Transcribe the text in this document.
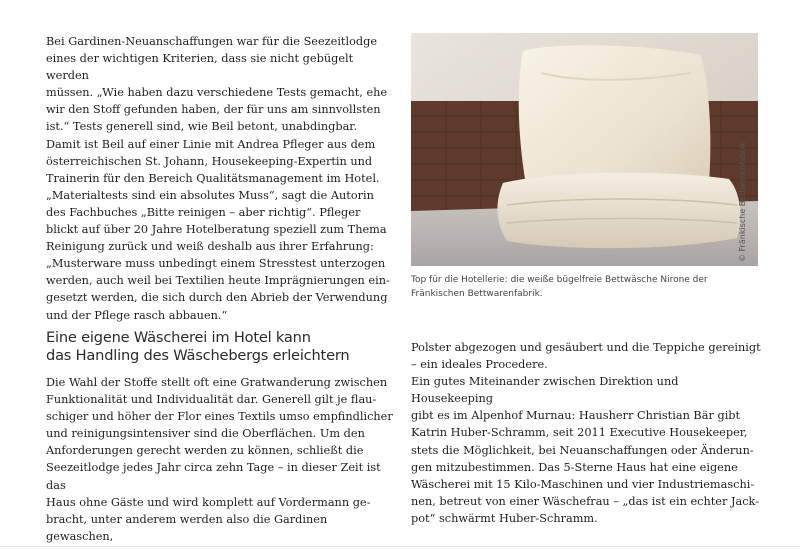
Bei Gardinen-Neuanschaffungen war für die Seezeitlodge

eines der wichtigen Kriterien, dass sie nicht gebügelt werden

müssen. „Wie haben dazu verschiedene Tests gemacht, ehe

wir den Stoff gefunden haben, der für uns am sinnvollsten

ist.“ Tests generell sind, wie Beil betont, unabdingbar.

Damit ist Beil auf einer Linie mit Andrea Pfleger aus dem

österreichischen St. Johann, Housekeeping-Expertin und

Trainerin für den Bereich Qualitätsmanagement im Hotel.

„Materialtests sind ein absolutes Muss“, sagt die Autorin

des Fachbuches „Bitte reinigen – aber richtig“. Pfleger

blickt auf über 20 Jahre Hotelberatung speziell zum Thema

Reinigung zurück und weiß deshalb aus ihrer Erfahrung:

„Musterware muss unbedingt einem Stresstest unterzogen

werden, auch weil bei Textilien heute Imprägnierungen ein-

gesetzt werden, die sich durch den Abrieb der Verwendung

und der Pflege rasch abbauen.“

Eine eigene Wäscherei im Hotel kann
das Handling des Wäschebergs erleichtern

Die Wahl der Stoffe stellt oft eine Gratwanderung zwischen

Funktionalität und Individualität dar. Generell gilt je flau-

schiger und höher der Flor eines Textils umso empfindlicher

und reinigungsintensiver sind die Oberflächen. Um den

Anforderungen gerecht werden zu können, schließt die

Seezeitlodge jedes Jahr circa zehn Tage – in dieser Zeit ist das

Haus ohne Gäste und wird komplett auf Vordermann ge-

bracht, unter anderem werden also die Gardinen gewaschen,

© Fränkische Bettwarenfabrik
Top für die Hotellerie: die weiße bügelfreie Bettwäsche Nirone der
Fränkischen Bettwarenfabrik.

Polster abgezogen und gesäubert und die Teppiche gereinigt

– ein ideales Procedere.

Ein gutes Miteinander zwischen Direktion und Housekeeping

gibt es im Alpenhof Murnau: Hausherr Christian Bär gibt

Katrin Huber-Schramm, seit 2011 Executive Housekeeper,

stets die Möglichkeit, bei Neuanschaffungen oder Änderun-

gen mitzubestimmen. Das 5-Sterne Haus hat eine eigene

Wäscherei mit 15 Kilo-Maschinen und vier Industriemaschi-

nen, betreut von einer Wäschefrau – „das ist ein echter Jack-

pot“ schwärmt Huber-Schramm.
